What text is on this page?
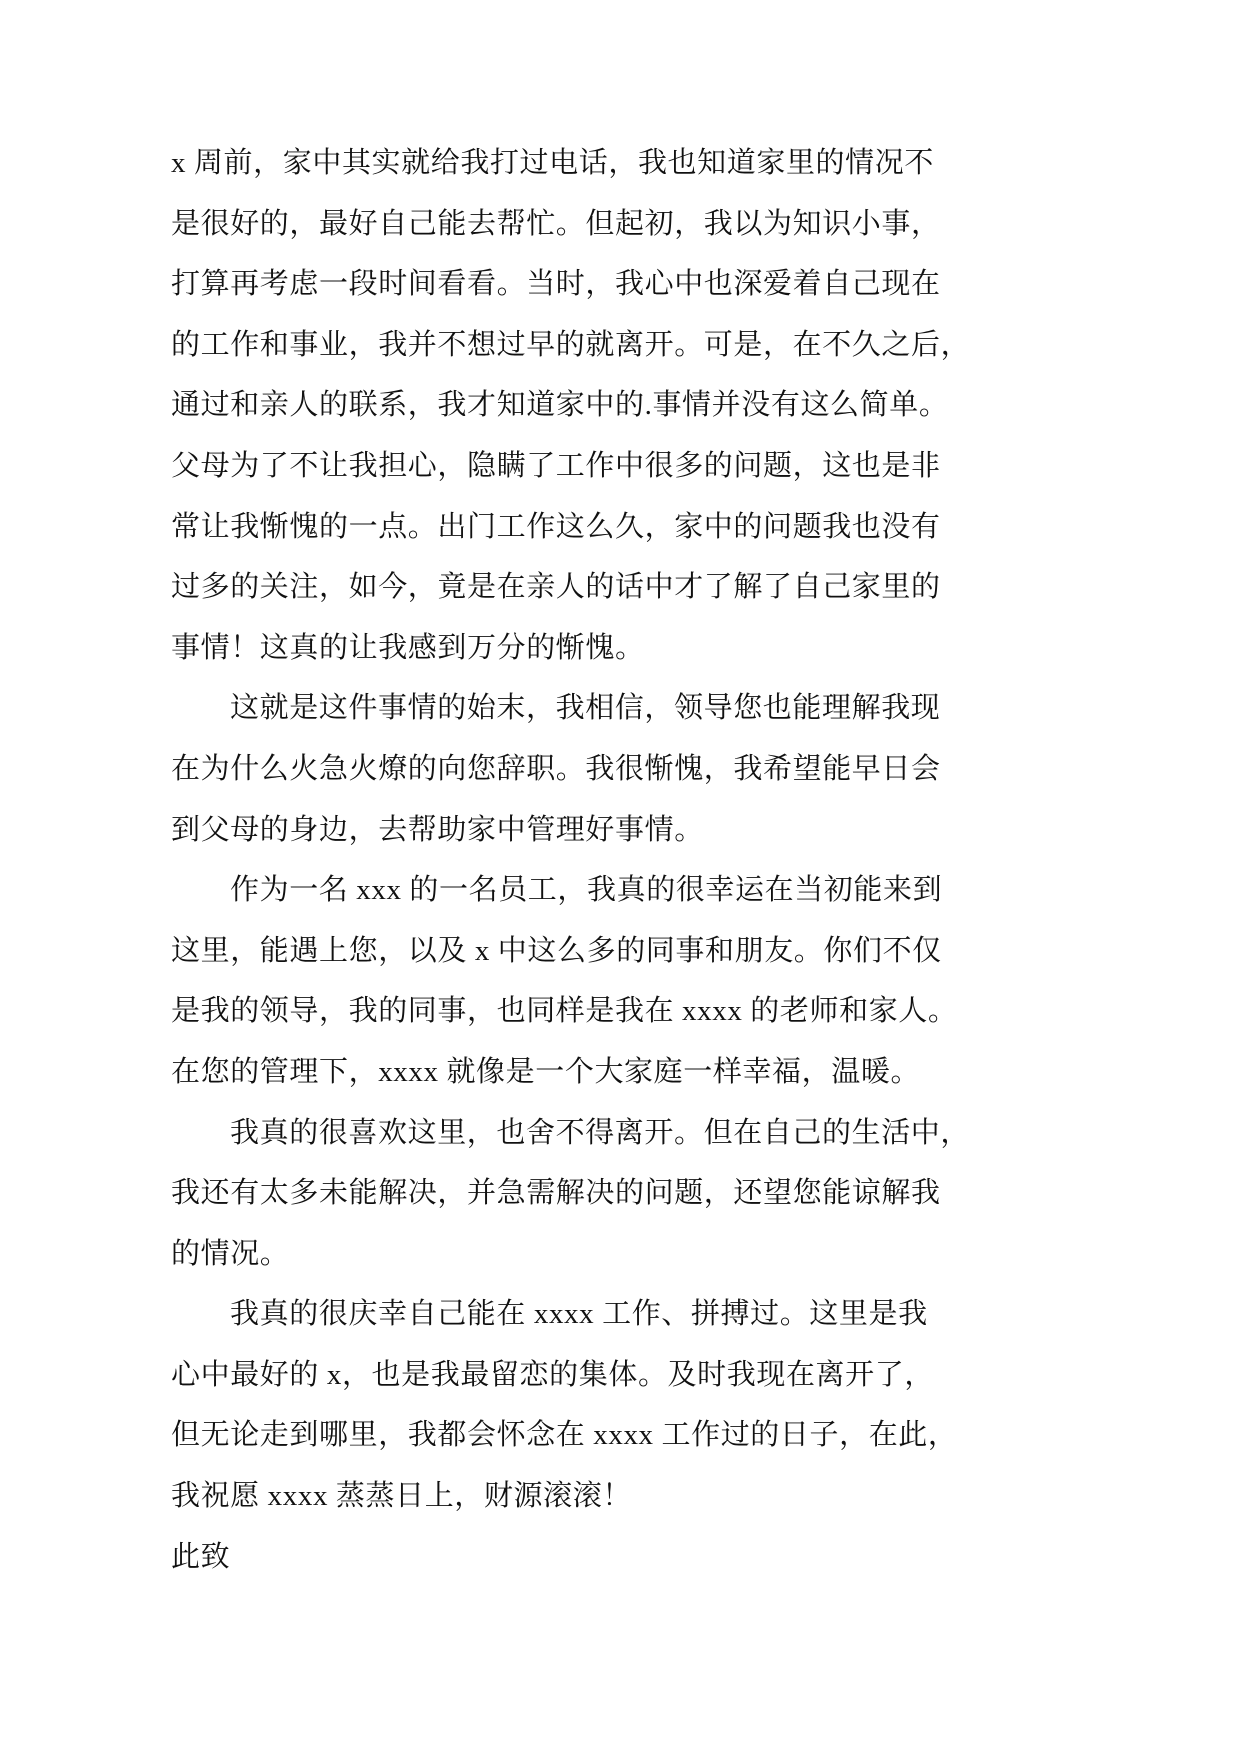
x 周前，家中其实就给我打过电话，我也知道家里的情况不
是很好的，最好自己能去帮忙。但起初，我以为知识小事，
打算再考虑一段时间看看。当时，我心中也深爱着自己现在
的工作和事业，我并不想过早的就离开。可是，在不久之后，
通过和亲人的联系，我才知道家中的.事情并没有这么简单。
父母为了不让我担心，隐瞒了工作中很多的问题，这也是非
常让我惭愧的一点。出门工作这么久，家中的问题我也没有
过多的关注，如今，竟是在亲人的话中才了解了自己家里的
事情！这真的让我感到万分的惭愧。
这就是这件事情的始末，我相信，领导您也能理解我现
在为什么火急火燎的向您辞职。我很惭愧，我希望能早日会
到父母的身边，去帮助家中管理好事情。
作为一名 xxx 的一名员工，我真的很幸运在当初能来到
这里，能遇上您，以及 x 中这么多的同事和朋友。你们不仅
是我的领导，我的同事，也同样是我在 xxxx 的老师和家人。
在您的管理下，xxxx 就像是一个大家庭一样幸福，温暖。
我真的很喜欢这里，也舍不得离开。但在自己的生活中，
我还有太多未能解决，并急需解决的问题，还望您能谅解我
的情况。
我真的很庆幸自己能在 xxxx 工作、拼搏过。这里是我
心中最好的 x，也是我最留恋的集体。及时我现在离开了，
但无论走到哪里，我都会怀念在 xxxx 工作过的日子，在此，
我祝愿 xxxx 蒸蒸日上，财源滚滚！
此致
